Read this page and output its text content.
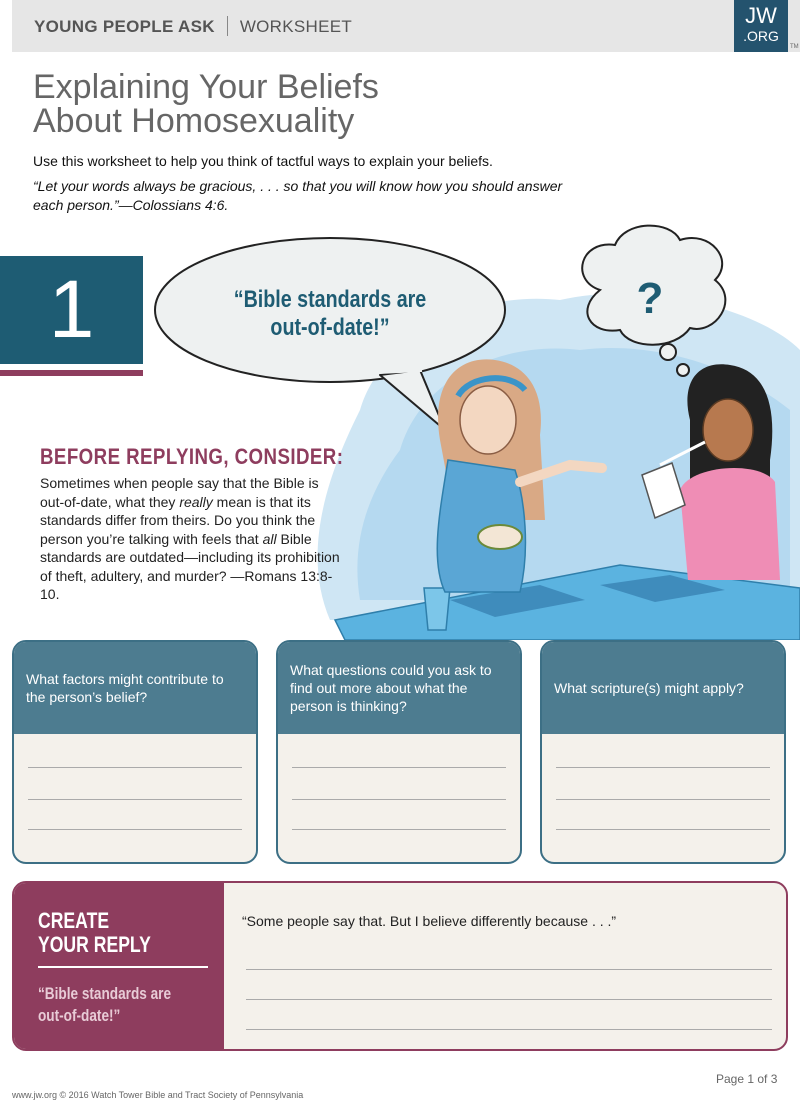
YOUNG PEOPLE ASK WORKSHEET	JW
.ORG
TM
Explaining Your Beliefs
About Homosexuality
Use this worksheet to help you think of tactful ways to explain your beliefs.
“Let your words always be gracious, . . . so that you will know how you should answer each person.”—Colossians 4:6.
“Bible standards are out-of-date!”
?
1
BEFORE REPLYING, CONSIDER:
Sometimes when people say that the Bible is out-of-date, what they really mean is that its standards differ from theirs. Do you think the person you’re talking with feels that all Bible standards are outdated—including its prohibition of theft, adultery, and murder? —Romans 13:8-10.
What factors might contribute to the person’s belief?
What questions could you ask to find out more about what the person is thinking?
What scripture(s) might apply?
CREATE
YOUR REPLY
“Bible standards are
out-of-date!”
“Some people say that. But I believe differently because . . .”
Page 1 of 3
www.jw.org © 2016 Watch Tower Bible and Tract Society of Pennsylvania
